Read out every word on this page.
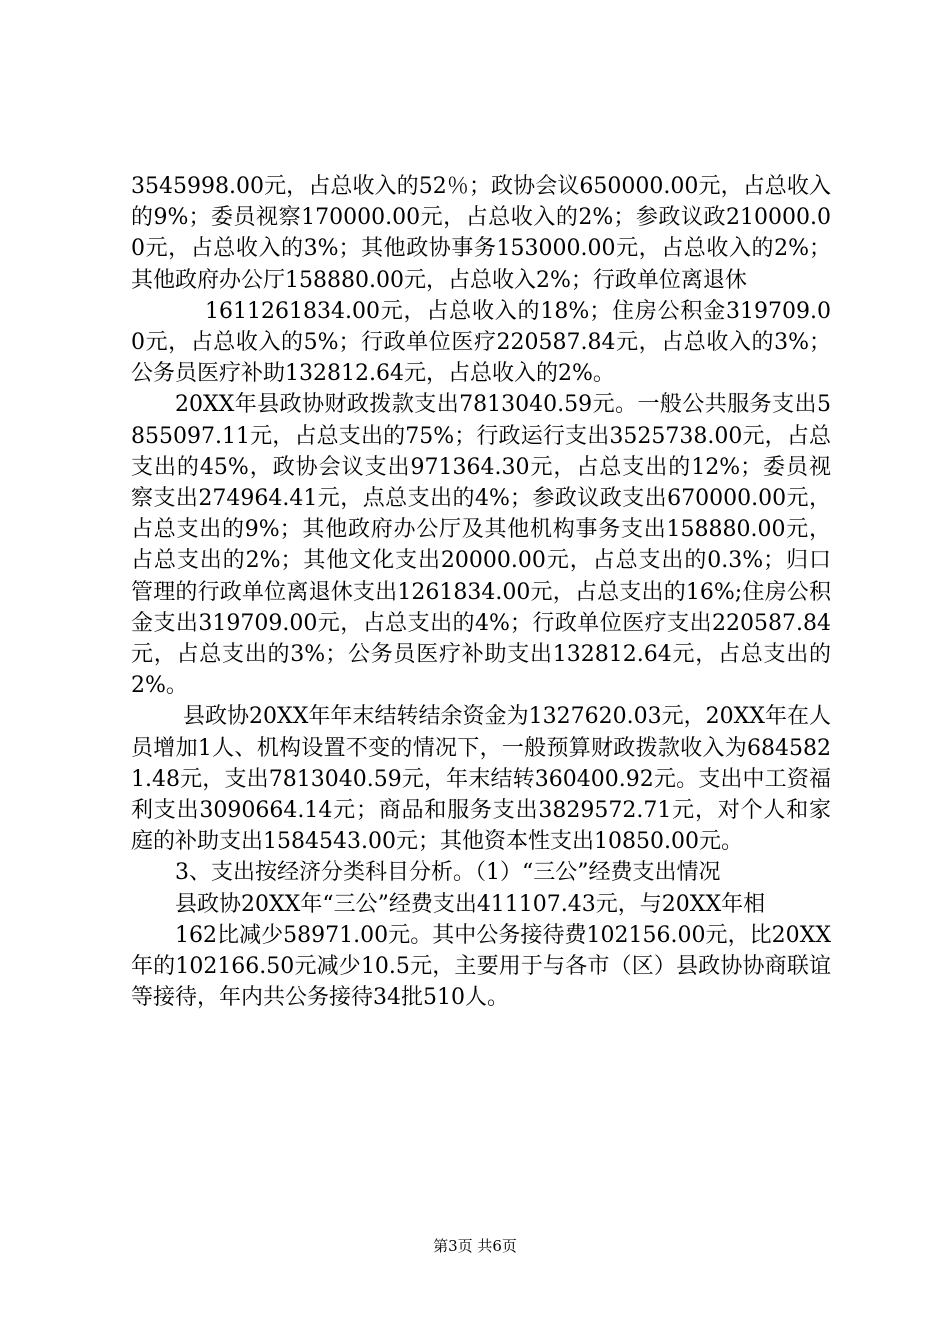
3545998.00元，占总收入的52％；政协会议650000.00元，占总收入的9%；委员视察170000.00元，占总收入的2%；参政议政210000.00元，占总收入的3%；其他政协事务153000.00元，占总收入的2%；其他政府办公厅158880.00元，占总收入2%；行政单位离退休

1611261834.00元，占总收入的18%；住房公积金319709.00元，占总收入的5%；行政单位医疗220587.84元，占总收入的3%；公务员医疗补助132812.64元，占总收入的2%。

20XX年县政协财政拨款支出7813040.59元。一般公共服务支出5855097.11元，占总支出的75%；行政运行支出3525738.00元，占总支出的45%，政协会议支出971364.30元，占总支出的12%；委员视察支出274964.41元，点总支出的4%；参政议政支出670000.00元，占总支出的9%；其他政府办公厅及其他机构事务支出158880.00元，占总支出的2%；其他文化支出20000.00元，占总支出的0.3%；归口管理的行政单位离退休支出1261834.00元，占总支出的16%;住房公积金支出319709.00元，占总支出的4%；行政单位医疗支出220587.84元，占总支出的3%；公务员医疗补助支出132812.64元，占总支出的2%。

县政协20XX年年末结转结余资金为1327620.03元，20XX年在人员增加1人、机构设置不变的情况下，一般预算财政拨款收入为6845821.48元，支出7813040.59元，年末结转360400.92元。支出中工资福利支出3090664.14元；商品和服务支出3829572.71元，对个人和家庭的补助支出1584543.00元；其他资本性支出10850.00元。

3、支出按经济分类科目分析。（1）“三公”经费支出情况

县政协20XX年“三公”经费支出411107.43元，与20XX年相

162比减少58971.00元。其中公务接待费102156.00元，比20XX年的102166.50元减少10.5元，主要用于与各市（区）县政协协商联谊等接待，年内共公务接待34批510人。

第3页 共6页
